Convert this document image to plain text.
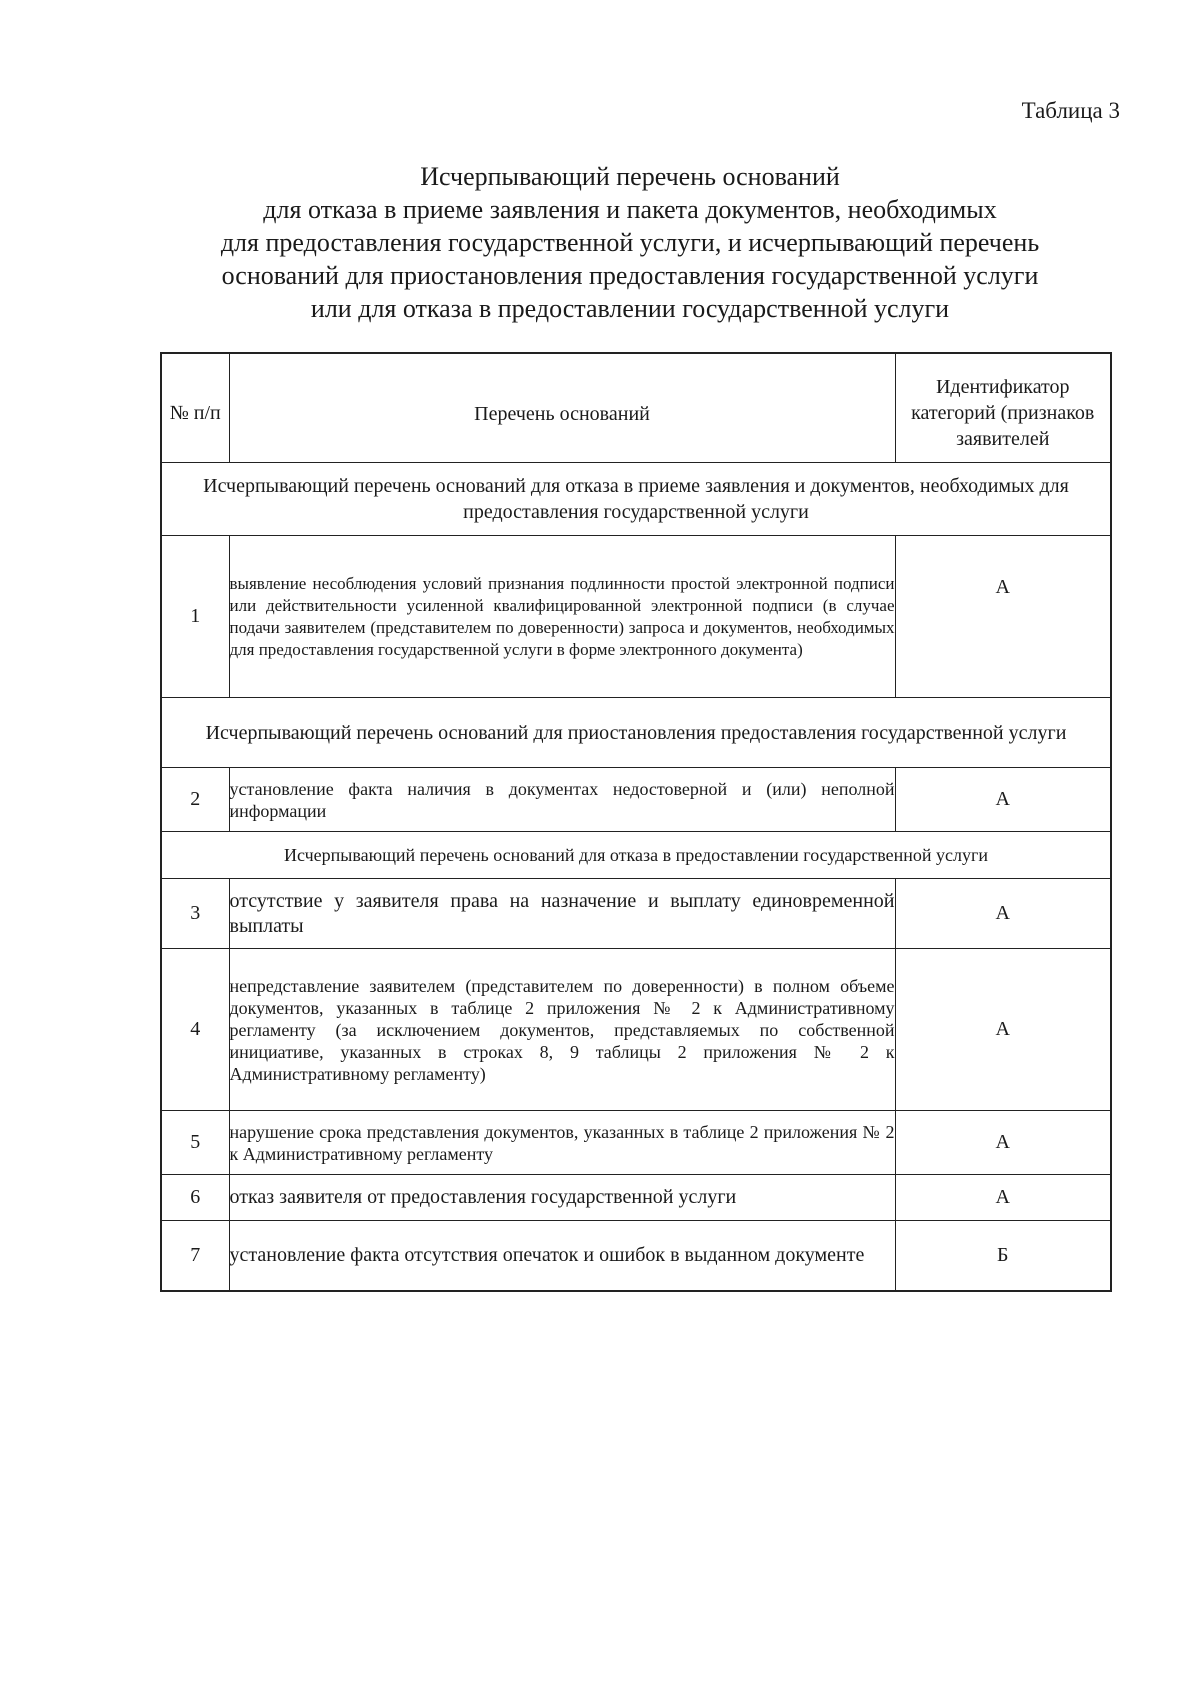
Таблица 3
Исчерпывающий перечень оснований
для отказа в приеме заявления и пакета документов, необходимых
для предоставления государственной услуги, и исчерпывающий перечень
оснований для приостановления предоставления государственной услуги
или для отказа в предоставлении государственной услуги
№ п/п	Перечень оснований	Идентификатор категорий (признаков заявителей
Исчерпывающий перечень оснований для отказа в приеме заявления и документов, необходимых для предоставления государственной услуги		
1	выявление несоблюдения условий признания подлинности простой электронной подписи или действительности усиленной квалифицированной электронной подписи (в случае подачи заявителем (представителем по доверенности) запроса и документов, необходимых для предоставления государственной услуги в форме электронного документа)	А
Исчерпывающий перечень оснований для приостановления предоставления государственной услуги		
2	установление факта наличия в документах недостоверной и (или) неполной информации	А
Исчерпывающий перечень оснований для отказа в предоставлении государственной услуги		
3	отсутствие у заявителя права на назначение и выплату единовременной выплаты	А
4	непредставление заявителем (представителем по доверенности) в полном объеме документов, указанных в таблице 2 приложения № 2 к Административному регламенту (за исключением документов, представляемых по собственной инициативе, указанных в строках 8, 9 таблицы 2 приложения № 2 к Административному регламенту)	А
5	нарушение срока представления документов, указанных в таблице 2 приложения № 2 к Административному регламенту	А
6	отказ заявителя от предоставления государственной услуги	А
7	установление факта отсутствия опечаток и ошибок в выданном документе	Б
